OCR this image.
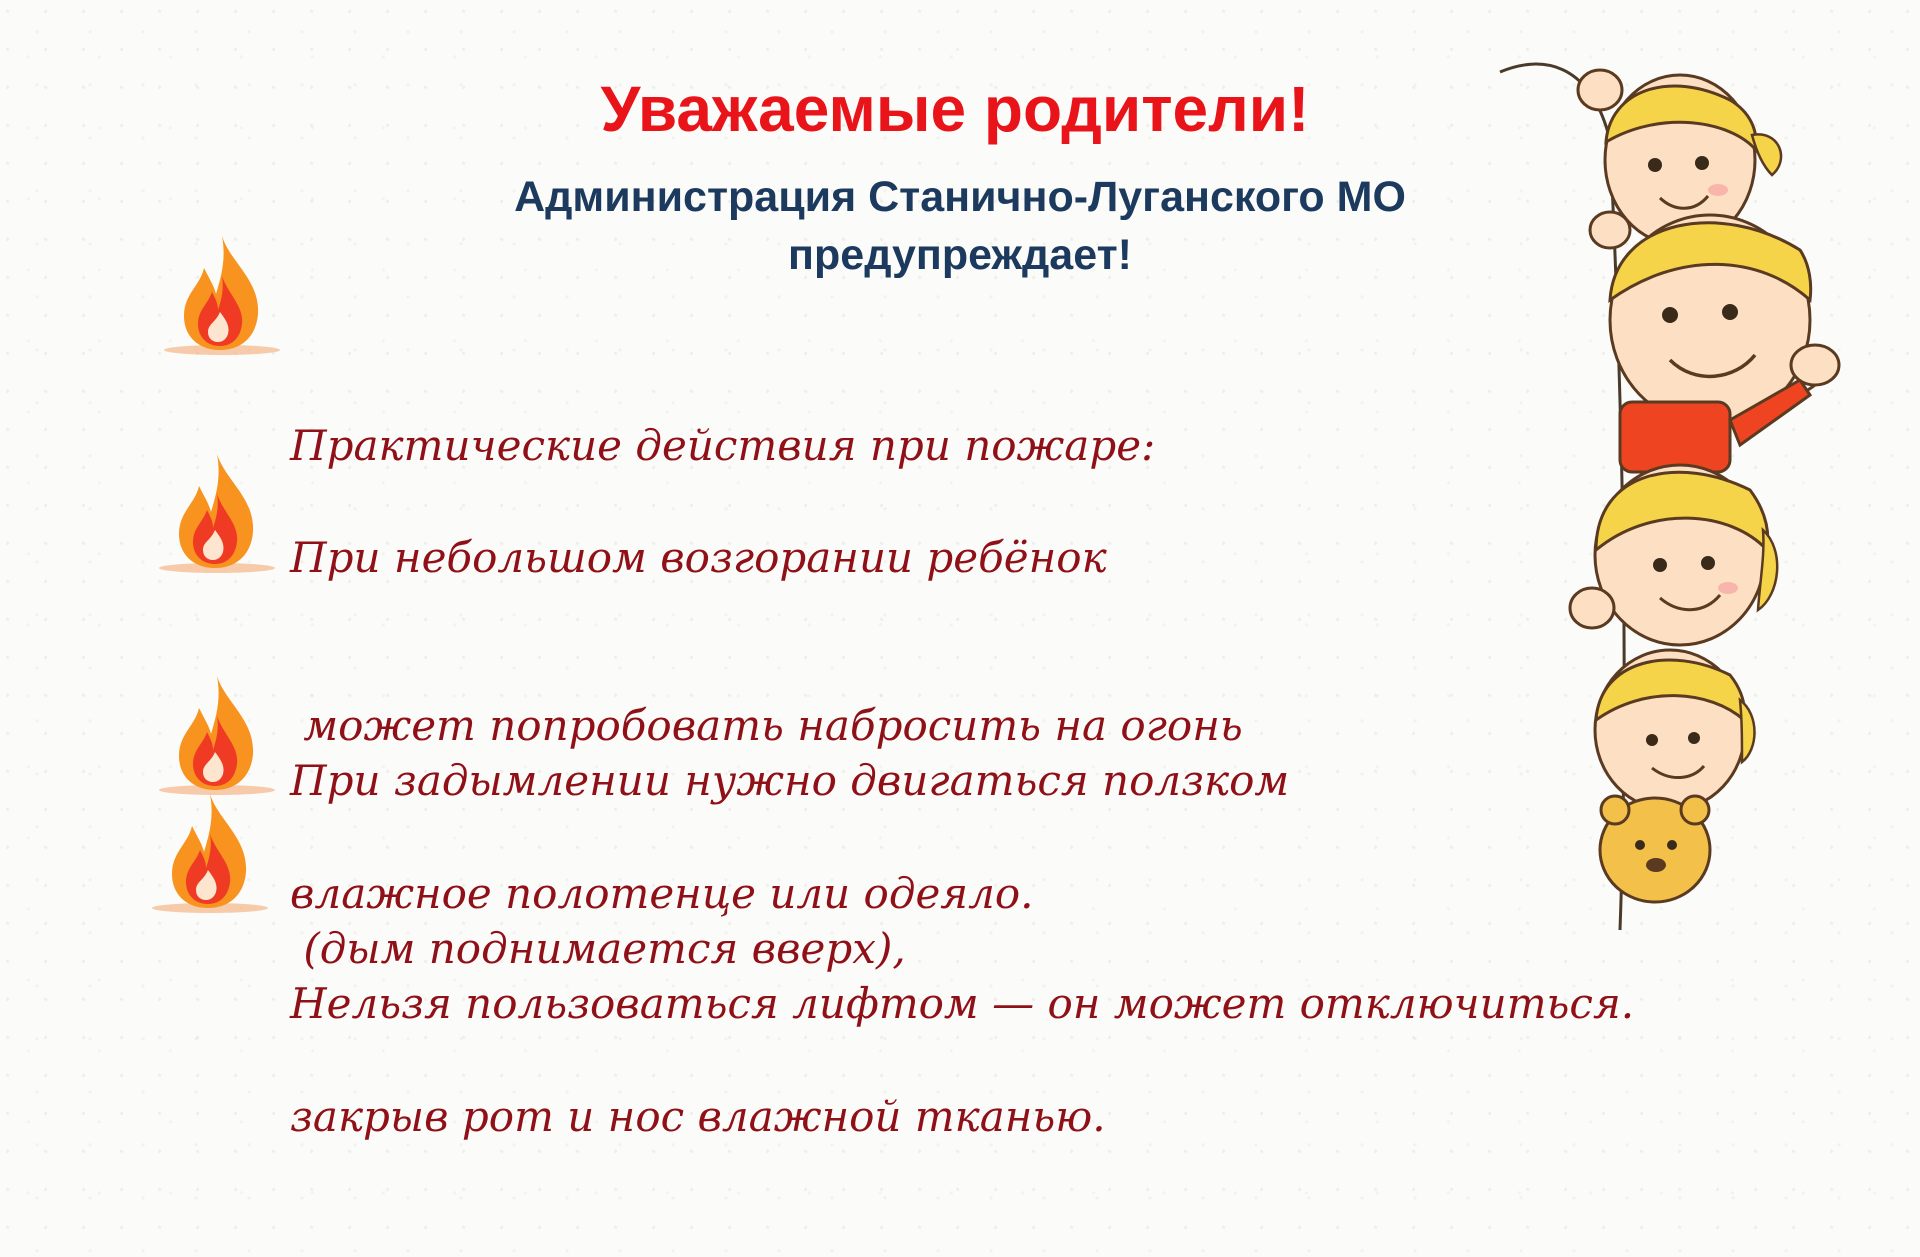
Уважаемые родители!
Администрация Станично-Луганского МО
предупреждает!

Практические действия при пожаре:

При небольшом возгорании ребёнок

может попробовать набросить на огонь

влажное полотенце или одеяло.

При задымлении нужно двигаться ползком

(дым поднимается вверх),

закрыв рот и нос влажной тканью.

Нельзя пользоваться лифтом — он может отключиться.
